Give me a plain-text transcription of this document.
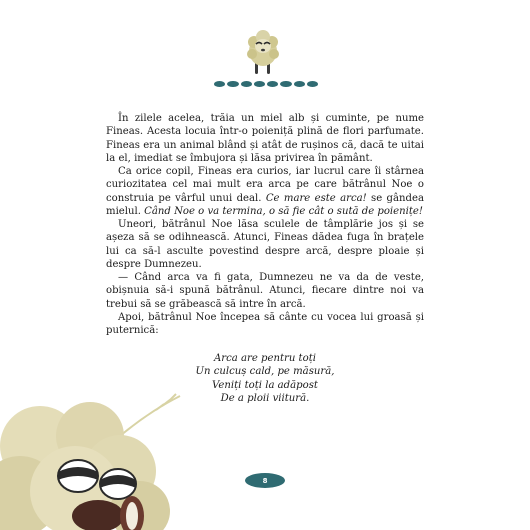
În zilele acelea, trăia un miel alb și cuminte, pe nume Fineas. Acesta locuia într-o poieniță plină de flori parfumate. Fineas era un animal blând și atât de rușinos că, dacă te uitai la el, imediat se îmbujora și lăsa privirea în pământ.

Ca orice copil, Fineas era curios, iar lucrul care îi stârnea curiozitatea cel mai mult era arca pe care bătrânul Noe o construia pe vârful unui deal. Ce mare este arca! se gândea mielul. Când Noe o va termina, o să fie cât o sută de poienițe!

Uneori, bătrânul Noe lăsa sculele de tâmplărie jos și se așeza să se odihnească. Atunci, Fineas dădea fuga în brațele lui ca să-l asculte povestind despre arcă, despre ploaie și despre Dumnezeu.

— Când arca va fi gata, Dumnezeu ne va da de veste, obișnuia să-i spună bătrânul. Atunci, fiecare dintre noi va trebui să se grăbească să intre în arcă.

Apoi, bătrânul Noe începea să cânte cu vocea lui groasă și puternică:

Arca are pentru toți
Un culcuș cald, pe măsură,
Veniți toți la adăpost
De a ploii viitură.
8
